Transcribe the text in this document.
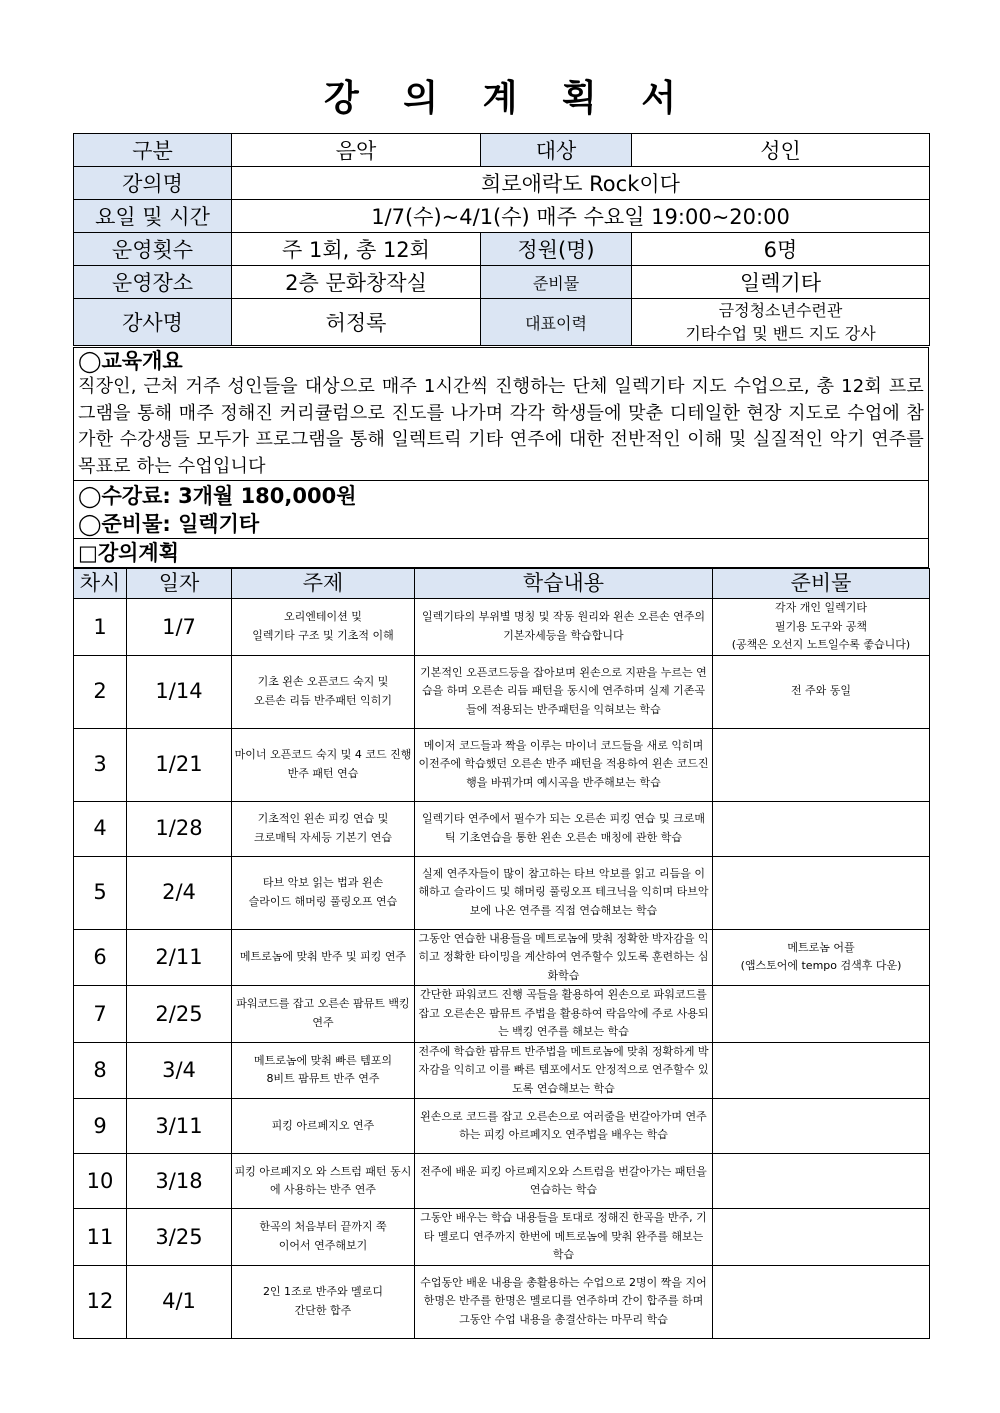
강 의 계 획 서
구분	음악	대상	성인
강의명	희로애락도 Rock이다		
요일 및 시간	1/7(수)~4/1(수) 매주 수요일 19:00~20:00		
운영횟수	주 1회, 총 12회	정원(명)	6명
운영장소	2층 문화창작실	준비물	일렉기타
강사명	허정록	대표이력	금정청소년수련관
기타수업 및 밴드 지도 강사
◯교육개요
직장인, 근처 거주 성인들을 대상으로 매주 1시간씩 진행하는 단체 일렉기타 지도 수업으로, 총 12회 프로그램을 통해 매주 정해진 커리큘럼으로 진도를 나가며 각각 학생들에 맞춘 디테일한 현장 지도로 수업에 참가한 수강생들 모두가 프로그램을 통해 일렉트릭 기타 연주에 대한 전반적인 이해 및 실질적인 악기 연주를 목표로 하는 수업입니다

◯수강료: 3개월 180,000원
◯준비물: 일렉기타

□강의계획
차시	일자	주제	학습내용	준비물

1	1/7	오리엔테이션 및
일렉기타 구조 및 기초적 이해	일렉기타의 부위별 명칭 및 작동 원리와 왼손 오른손 연주의 기본자세등을 학습합니다	각자 개인 일렉기타
필기용 도구와 공책
(공책은 오선지 노트일수록 좋습니다)

2	1/14	기초 왼손 오픈코드 숙지 및
오른손 리듬 반주패턴 익히기	기본적인 오픈코드등을 잡아보며 왼손으로 지판을 누르는 연습을 하며 오른손 리듬 패턴을 동시에 연주하며 실제 기존곡들에 적용되는 반주패턴을 익혀보는 학습	전 주와 동일

3	1/21	마이너 오픈코드 숙지 및 4 코드 진행 반주 패턴 연습	메이저 코드들과 짝을 이루는 마이너 코드들을 새로 익히며 이전주에 학습했던 오른손 반주 패턴을 적용하여 왼손 코드진행을 바꿔가며 예시곡을 반주해보는 학습	

4	1/28	기초적인 왼손 피킹 연습 및
크로매틱 자세등 기본기 연습	일렉기타 연주에서 필수가 되는 오른손 피킹 연습 및 크로매틱 기초연습을 통한 왼손 오른손 매칭에 관한 학습	

5	2/4	타브 악보 읽는 법과 왼손
슬라이드 해머링 풀링오프 연습	실제 연주자들이 많이 참고하는 타브 악보를 읽고 리듬을 이해하고 슬라이드 및 해머링 풀링오프 테크닉을 익히며 타브악보에 나온 연주를 직접 연습해보는 학습	

6	2/11	메트로놈에 맞춰 반주 및 피킹 연주	그동안 연습한 내용들을 메트로놈에 맞춰 정확한 박자감을 익히고 정확한 타이밍을 계산하여 연주할수 있도록 훈련하는 심화학습	메트로놈 어플
(앱스토어에 tempo 검색후 다운)

7	2/25	파워코드를 잡고 오른손 팜뮤트 백킹 연주	간단한 파워코드 진행 곡들을 활용하여 왼손으로 파워코드를 잡고 오른손은 팜뮤트 주법을 활용하여 락음악에 주로 사용되는 백킹 연주를 해보는 학습	

8	3/4	메트로놈에 맞춰 빠른 템포의
8비트 팜뮤트 반주 연주	전주에 학습한 팜뮤트 반주법을 메트로놈에 맞춰 정확하게 박자감을 익히고 이를 빠른 템포에서도 안정적으로 연주할수 있도록 연습해보는 학습	

9	3/11	피킹 아르페지오 연주	왼손으로 코드를 잡고 오른손으로 여러줄을 번갈아가며 연주하는 피킹 아르페지오 연주법을 배우는 학습	

10	3/18	피킹 아르페지오 와 스트럼 패턴 동시에 사용하는 반주 연주	전주에 배운 피킹 아르페지오와 스트럼을 번갈아가는 패턴을 연습하는 학습	

11	3/25	한곡의 처음부터 끝까지 쭉
이어서 연주해보기	그동안 배우는 학습 내용들을 토대로 정해진 한곡을 반주, 기타 멜로디 연주까지 한번에 메트로놈에 맞춰 완주를 해보는 학습	

12	4/1	2인 1조로 반주와 멜로디
간단한 합주	수업동안 배운 내용을 총활용하는 수업으로 2명이 짝을 지어 한명은 반주를 한명은 멜로디를 연주하며 간이 합주를 하며 그동안 수업 내용을 총결산하는 마무리 학습	
